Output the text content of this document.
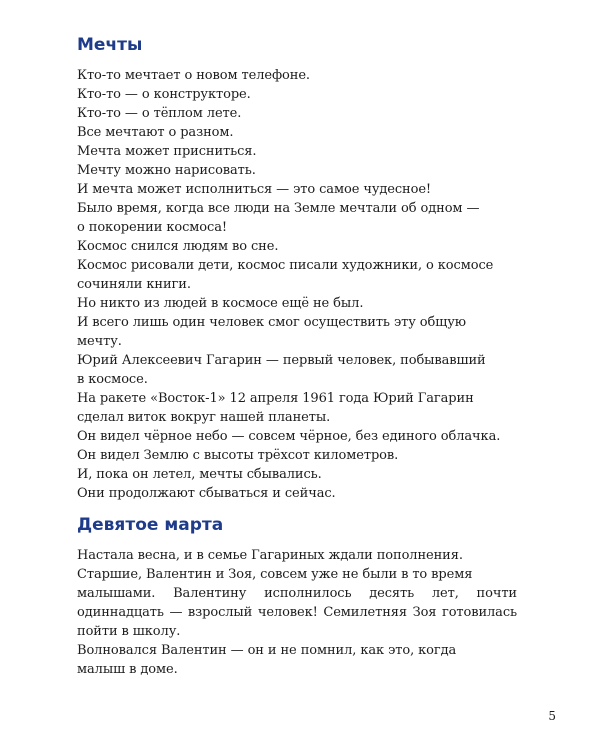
Мечты

Кто-то мечтает о новом телефоне.

Кто-то — о конструкторе.

Кто-то — о тёплом лете.

Все мечтают о разном.

Мечта может присниться.

Мечту можно нарисовать.

И мечта может исполниться — это самое чудесное!

Было время, когда все люди на Земле мечтали об одном —

о покорении космоса!

Космос снился людям во сне.

Космос рисовали дети, космос писали художники, о космосе

сочиняли книги.

Но никто из людей в космосе ещё не был.

И всего лишь один человек смог осуществить эту общую

мечту.

Юрий Алексеевич Гагарин — первый человек, побывавший

в космосе.

На ракете «Восток-1» 12 апреля 1961 года Юрий Гагарин

сделал виток вокруг нашей планеты.

Он видел чёрное небо — совсем чёрное, без единого облачка.

Он видел Землю с высоты трёхсот километров.

И, пока он летел, мечты сбывались.

Они продолжают сбываться и сейчас.

Девятое марта

Настала весна, и в семье Гагариных ждали пополнения.

Старшие, Валентин и Зоя, совсем уже не были в то время

малышами. Валентину исполнилось десять лет, почти одиннадцать — взрослый человек! Семилетняя Зоя готовилась пойти в школу.

Волновался Валентин — он и не помнил, как это, когда

малыш в доме.

5
